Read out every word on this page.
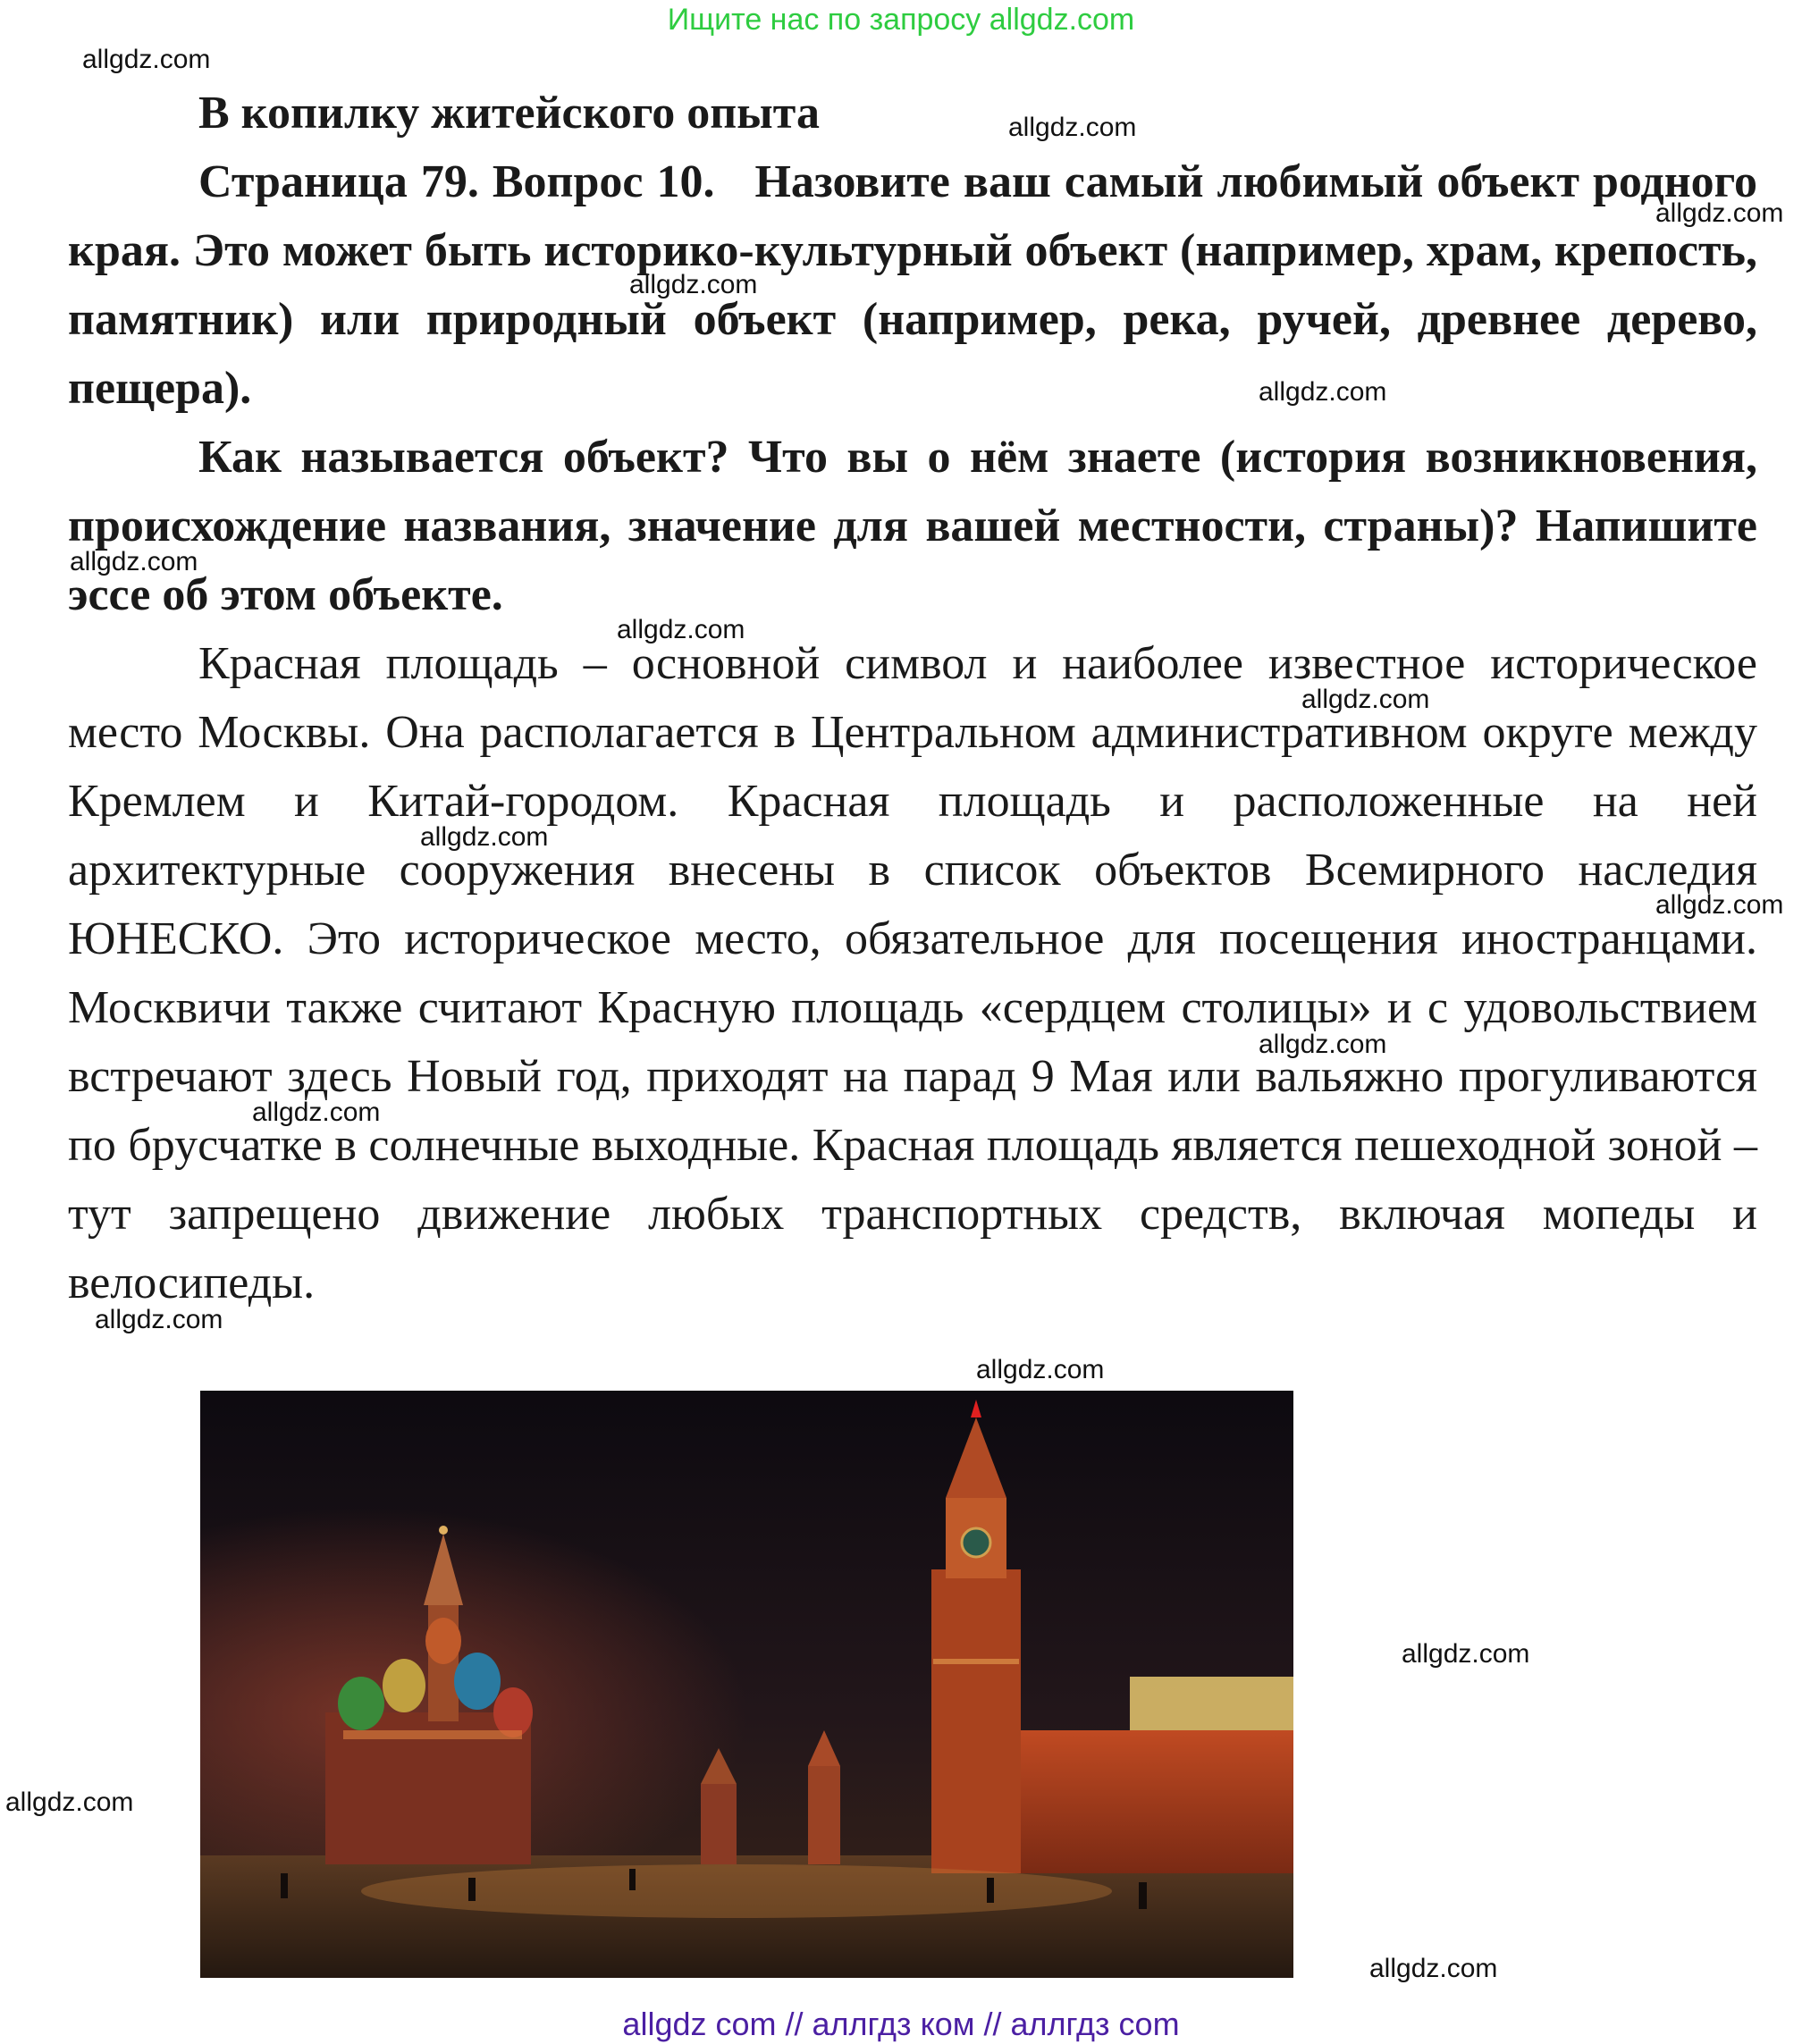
Ищите нас по запросу allgdz.com
allgdz.com
allgdz.com
allgdz.com
allgdz.com
allgdz.com
allgdz.com
allgdz.com
allgdz.com
allgdz.com
allgdz.com
allgdz.com
allgdz.com
allgdz.com
allgdz.com
allgdz.com
allgdz.com
allgdz.com

В копилку житейского опыта

Страница 79. Вопрос 10. Назовите ваш самый любимый объект родного края. Это может быть историко-культурный объект (например, храм, крепость, памятник) или природный объект (например, река, ручей, древнее дерево, пещера).

Как называется объект? Что вы о нём знаете (история возникновения, происхождение названия, значение для вашей местности, страны)? Напишите эссе об этом объекте.

Красная площадь – основной символ и наиболее известное историческое место Москвы. Она располагается в Центральном административном округе между Кремлем и Китай-городом. Красная площадь и расположенные на ней архитектурные сооружения внесены в список объектов Всемирного наследия ЮНЕСКО. Это историческое место, обязательное для посещения иностранцами. Москвичи также считают Красную площадь «сердцем столицы» и с удовольствием встречают здесь Новый год, приходят на парад 9 Мая или вальяжно прогуливаются по брусчатке в солнечные выходные. Красная площадь является пешеходной зоной – тут запрещено движение любых транспортных средств, включая мопеды и велосипеды.

allgdz com // аллгдз ком // аллгдз com
